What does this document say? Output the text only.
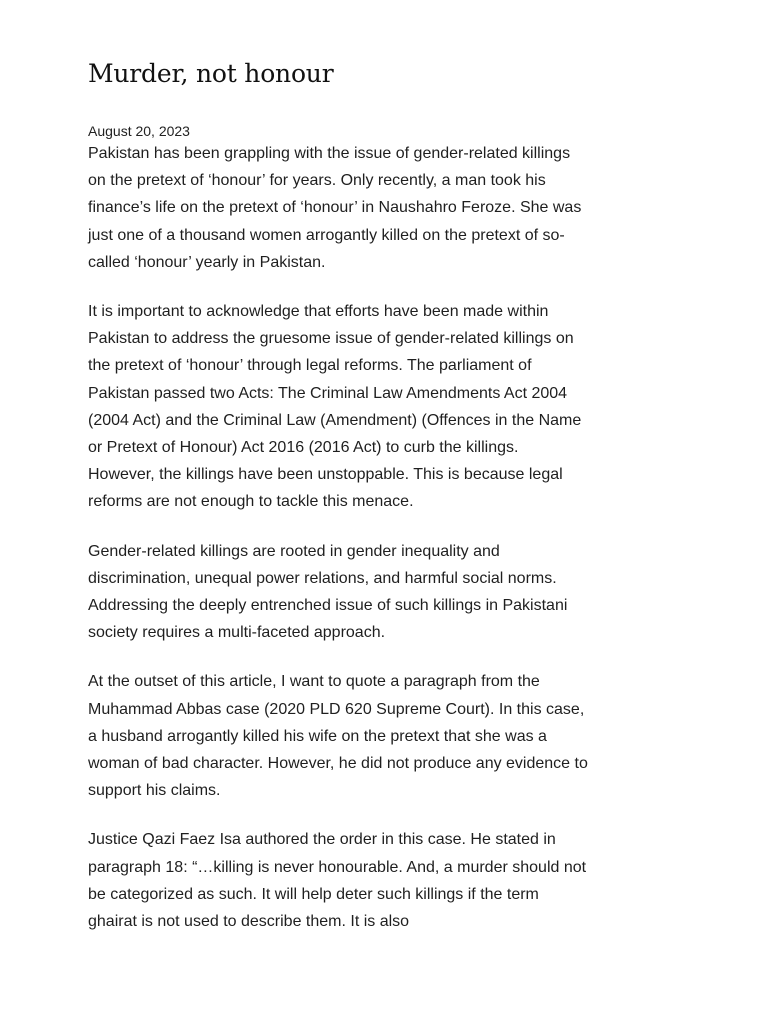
Murder, not honour
August 20, 2023

Pakistan has been grappling with the issue of gender-related killings on the pretext of ‘honour’ for years. Only recently, a man took his finance’s life on the pretext of ‘honour’ in Naushahro Feroze. She was just one of a thousand women arrogantly killed on the pretext of so-called ‘honour’ yearly in Pakistan.

It is important to acknowledge that efforts have been made within Pakistan to address the gruesome issue of gender-related killings on the pretext of ‘honour’ through legal reforms. The parliament of Pakistan passed two Acts: The Criminal Law Amendments Act 2004 (2004 Act) and the Criminal Law (Amendment) (Offences in the Name or Pretext of Honour) Act 2016 (2016 Act) to curb the killings. However, the killings have been unstoppable. This is because legal reforms are not enough to tackle this menace.

Gender-related killings are rooted in gender inequality and discrimination, unequal power relations, and harmful social norms. Addressing the deeply entrenched issue of such killings in Pakistani society requires a multi-faceted approach.

At the outset of this article, I want to quote a paragraph from the Muhammad Abbas case (2020 PLD 620 Supreme Court). In this case, a husband arrogantly killed his wife on the pretext that she was a woman of bad character. However, he did not produce any evidence to support his claims.

Justice Qazi Faez Isa authored the order in this case. He stated in paragraph 18: “…killing is never honourable. And, a murder should not be categorized as such. It will help deter such killings if the term ghairat is not used to describe them. It is also
